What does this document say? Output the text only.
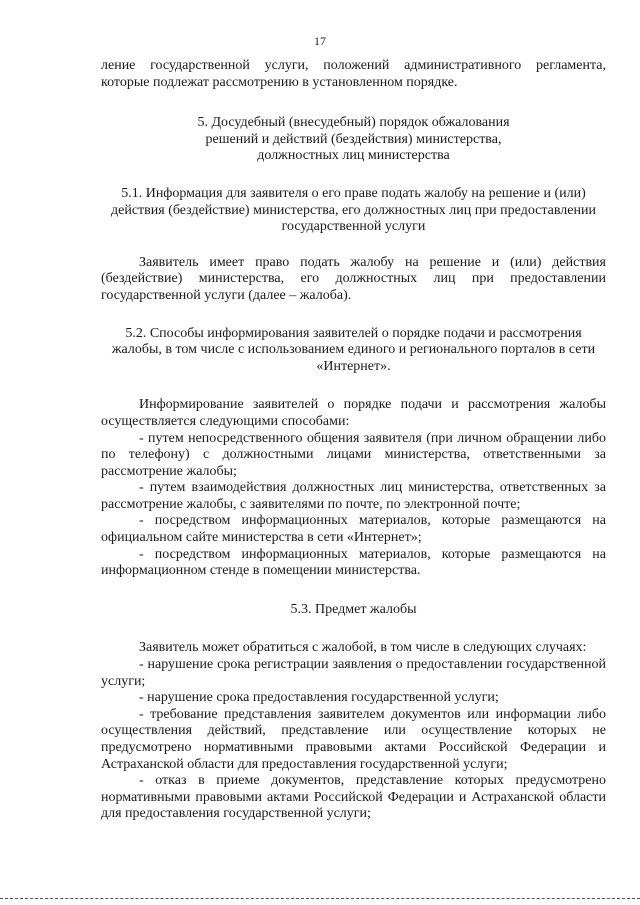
17
ление государственной услуги, положений административного регламента,
которые подлежат рассмотрению в установленном порядке.
5. Досудебный (внесудебный) порядок обжалования
решений и действий (бездействия) министерства,
должностных лиц министерства
5.1. Информация для заявителя о его праве подать жалобу на решение и (или) действия (бездействие) министерства, его должностных лиц при предоставлении государственной услуги
Заявитель имеет право подать жалобу на решение и (или) действия (бездействие) министерства, его должностных лиц при предоставлении государственной услуги (далее – жалоба).
5.2. Способы информирования заявителей о порядке подачи и рассмотрения жалобы, в том числе с использованием единого и регионального порталов в сети «Интернет».
Информирование заявителей о порядке подачи и рассмотрения жалобы осуществляется следующими способами:
- путем непосредственного общения заявителя (при личном обращении либо по телефону) с должностными лицами министерства, ответственными за рассмотрение жалобы;
- путем взаимодействия должностных лиц министерства, ответственных за рассмотрение жалобы, с заявителями по почте, по электронной почте;
- посредством информационных материалов, которые размещаются на официальном сайте министерства в сети «Интернет»;
- посредством информационных материалов, которые размещаются на информационном стенде в помещении министерства.
5.3. Предмет жалобы
Заявитель может обратиться с жалобой, в том числе в следующих случаях:
- нарушение срока регистрации заявления о предоставлении государственной услуги;
- нарушение срока предоставления государственной услуги;
- требование представления заявителем документов или информации либо осуществления действий, представление или осуществление которых не предусмотрено нормативными правовыми актами Российской Федерации и Астраханской области для предоставления государственной услуги;
- отказ в приеме документов, представление которых предусмотрено нормативными правовыми актами Российской Федерации и Астраханской области для предоставления государственной услуги;
